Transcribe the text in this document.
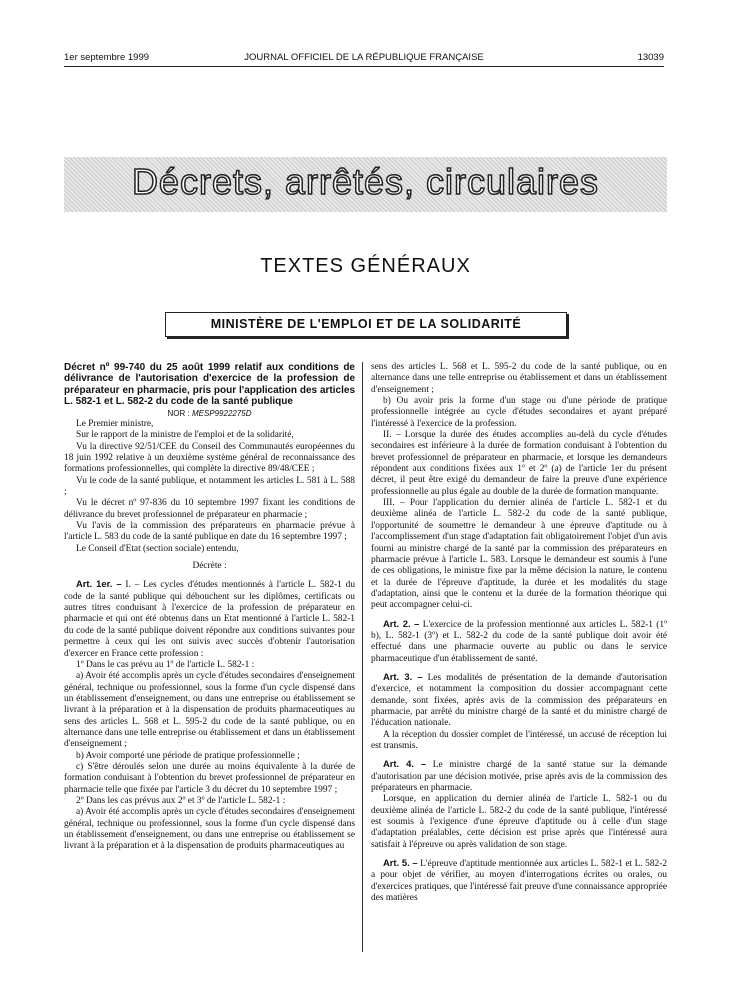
1er septembre 1999	JOURNAL OFFICIEL DE LA RÉPUBLIQUE FRANÇAISE	13039
Décrets, arrêtés, circulaires
TEXTES GÉNÉRAUX
MINISTÈRE DE L'EMPLOI ET DE LA SOLIDARITÉ
Décret nº 99-740 du 25 août 1999 relatif aux conditions de délivrance de l'autorisation d'exercice de la profession de préparateur en pharmacie, pris pour l'application des articles L. 582-1 et L. 582-2 du code de la santé publique

NOR : MESP9922275D

Le Premier ministre,

Sur le rapport de la ministre de l'emploi et de la solidarité,

Vu la directive 92/51/CEE du Conseil des Communautés européennes du 18 juin 1992 relative à un deuxième système général de reconnaissance des formations professionnelles, qui complète la directive 89/48/CEE ;

Vu le code de la santé publique, et notamment les articles L. 581 à L. 588 ;

Vu le décret nº 97-836 du 10 septembre 1997 fixant les conditions de délivrance du brevet professionnel de préparateur en pharmacie ;

Vu l'avis de la commission des préparateurs en pharmacie prévue à l'article L. 583 du code de la santé publique en date du 16 septembre 1997 ;

Le Conseil d'Etat (section sociale) entendu,

Décrète :

Art. 1er. – I. – Les cycles d'études mentionnés à l'article L. 582-1 du code de la santé publique qui débouchent sur les diplômes, certificats ou autres titres conduisant à l'exercice de la profession de préparateur en pharmacie et qui ont été obtenus dans un Etat mentionné à l'article L. 582-1 du code de la santé publique doivent répondre aux conditions suivantes pour permettre à ceux qui les ont suivis avec succès d'obtenir l'autorisation d'exercer en France cette profession :

1º Dans le cas prévu au 1º de l'article L. 582-1 :

a) Avoir été accomplis après un cycle d'études secondaires d'enseignement général, technique ou professionnel, sous la forme d'un cycle dispensé dans un établissement d'enseignement, ou dans une entreprise ou établissement se livrant à la préparation et à la dispensation de produits pharmaceutiques au sens des articles L. 568 et L. 595-2 du code de la santé publique, ou en alternance dans une telle entreprise ou établissement et dans un établissement d'enseignement ;

b) Avoir comporté une période de pratique professionnelle ;

c) S'être déroulés selon une durée au moins équivalente à la durée de formation conduisant à l'obtention du brevet professionnel de préparateur en pharmacie telle que fixée par l'article 3 du décret du 10 septembre 1997 ;

2º Dans les cas prévus aux 2º et 3º de l'article L. 582-1 :

a) Avoir été accomplis après un cycle d'études secondaires d'enseignement général, technique ou professionnel, sous la forme d'un cycle dispensé dans un établissement d'enseignement, ou dans une entreprise ou établissement se livrant à la préparation et à la dispensation de produits pharmaceutiques au

sens des articles L. 568 et L. 595-2 du code de la santé publique, ou en alternance dans une telle entreprise ou établissement et dans un établissement d'enseignement ;

b) Ou avoir pris la forme d'un stage ou d'une période de pratique professionnelle intégrée au cycle d'études secondaires et ayant préparé l'intéressé à l'exercice de la profession.

II. – Lorsque la durée des études accomplies au-delà du cycle d'études secondaires est inférieure à la durée de formation conduisant à l'obtention du brevet professionnel de préparateur en pharmacie, et lorsque les demandeurs répondent aux conditions fixées aux 1º et 2º (a) de l'article 1er du présent décret, il peut être exigé du demandeur de faire la preuve d'une expérience professionnelle au plus égale au double de la durée de formation manquante.

III. – Pour l'application du dernier alinéa de l'article L. 582-1 et du deuxième alinéa de l'article L. 582-2 du code de la santé publique, l'opportunité de soumettre le demandeur à une épreuve d'aptitude ou à l'accomplissement d'un stage d'adaptation fait obligatoirement l'objet d'un avis fourni au ministre chargé de la santé par la commission des préparateurs en pharmacie prévue à l'article L. 583. Lorsque le demandeur est soumis à l'une de ces obligations, le ministre fixe par la même décision la nature, le contenu et la durée de l'épreuve d'aptitude, la durée et les modalités du stage d'adaptation, ainsi que le contenu et la durée de la formation théorique qui peut accompagner celui-ci.

Art. 2. – L'exercice de la profession mentionné aux articles L. 582-1 (1º b), L. 582-1 (3º) et L. 582-2 du code de la santé publique doit avoir été effectué dans une pharmacie ouverte au public ou dans le service pharmaceutique d'un établissement de santé.

Art. 3. – Les modalités de présentation de la demande d'autorisation d'exercice, et notamment la composition du dossier accompagnant cette demande, sont fixées, après avis de la commission des préparateurs en pharmacie, par arrêté du ministre chargé de la santé et du ministre chargé de l'éducation nationale.

A la réception du dossier complet de l'intéressé, un accusé de réception lui est transmis.

Art. 4. – Le ministre chargé de la santé statue sur la demande d'autorisation par une décision motivée, prise après avis de la commission des préparateurs en pharmacie.

Lorsque, en application du dernier alinéa de l'article L. 582-1 ou du deuxième alinéa de l'article L. 582-2 du code de la santé publique, l'intéressé est soumis à l'exigence d'une épreuve d'aptitude ou à celle d'un stage d'adaptation préalables, cette décision est prise après que l'intéressé aura satisfait à l'épreuve ou après validation de son stage.

Art. 5. – L'épreuve d'aptitude mentionnée aux articles L. 582-1 et L. 582-2 a pour objet de vérifier, au moyen d'interrogations écrites ou orales, ou d'exercices pratiques, que l'intéressé fait preuve d'une connaissance appropriée des matières
